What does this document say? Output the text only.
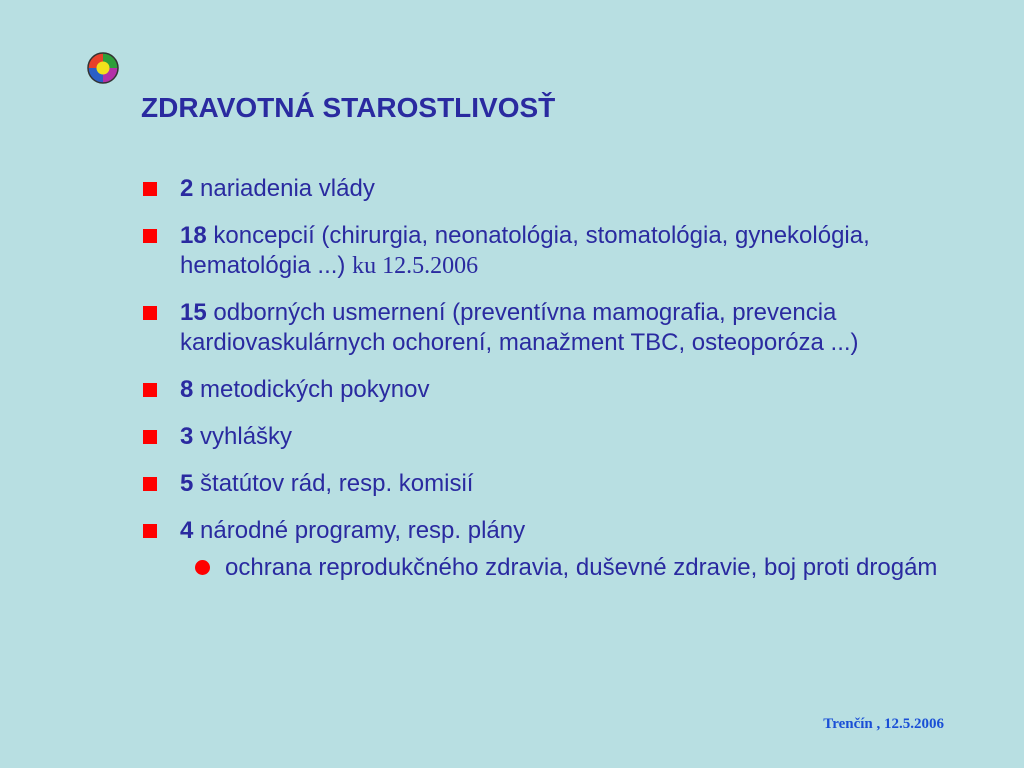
ZDRAVOTNÁ STAROSTLIVOSŤ
2 nariadenia vlády
18 koncepcií (chirurgia, neonatológia, stomatológia, gynekológia, hematológia ...) ku 12.5.2006
15 odborných usmernení (preventívna mamografia, prevencia kardiovaskulárnych ochorení, manažment TBC, osteoporóza ...)
8 metodických pokynov
3 vyhlášky
5 štatútov rád, resp. komisií
4 národné programy, resp. plány
ochrana reprodukčného zdravia, duševné zdravie, boj proti drogám
Trenčín , 12.5.2006
